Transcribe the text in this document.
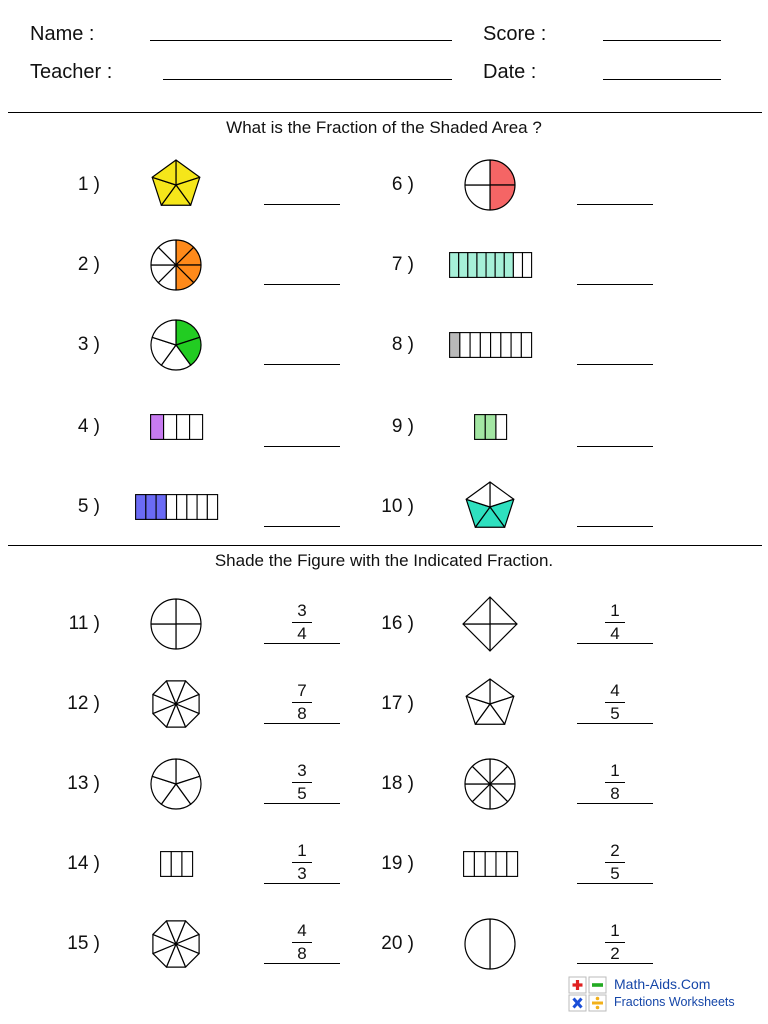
Name :	Score :
Teacher :	Date :
What is the Fraction of the Shaded Area ?
Shade the Figure with the Indicated Fraction.
Math-Aids.Com
Fractions Worksheets
1 )
2 )
3 )
4 )
5 )
6 )
7 )
8 )
9 )
10 )
11 )
3
4
12 )
7
8
13 )
3
5
14 )
1
3
15 )
4
8
16 )
1
4
17 )
4
5
18 )
1
8
19 )
2
5
20 )
1
2
